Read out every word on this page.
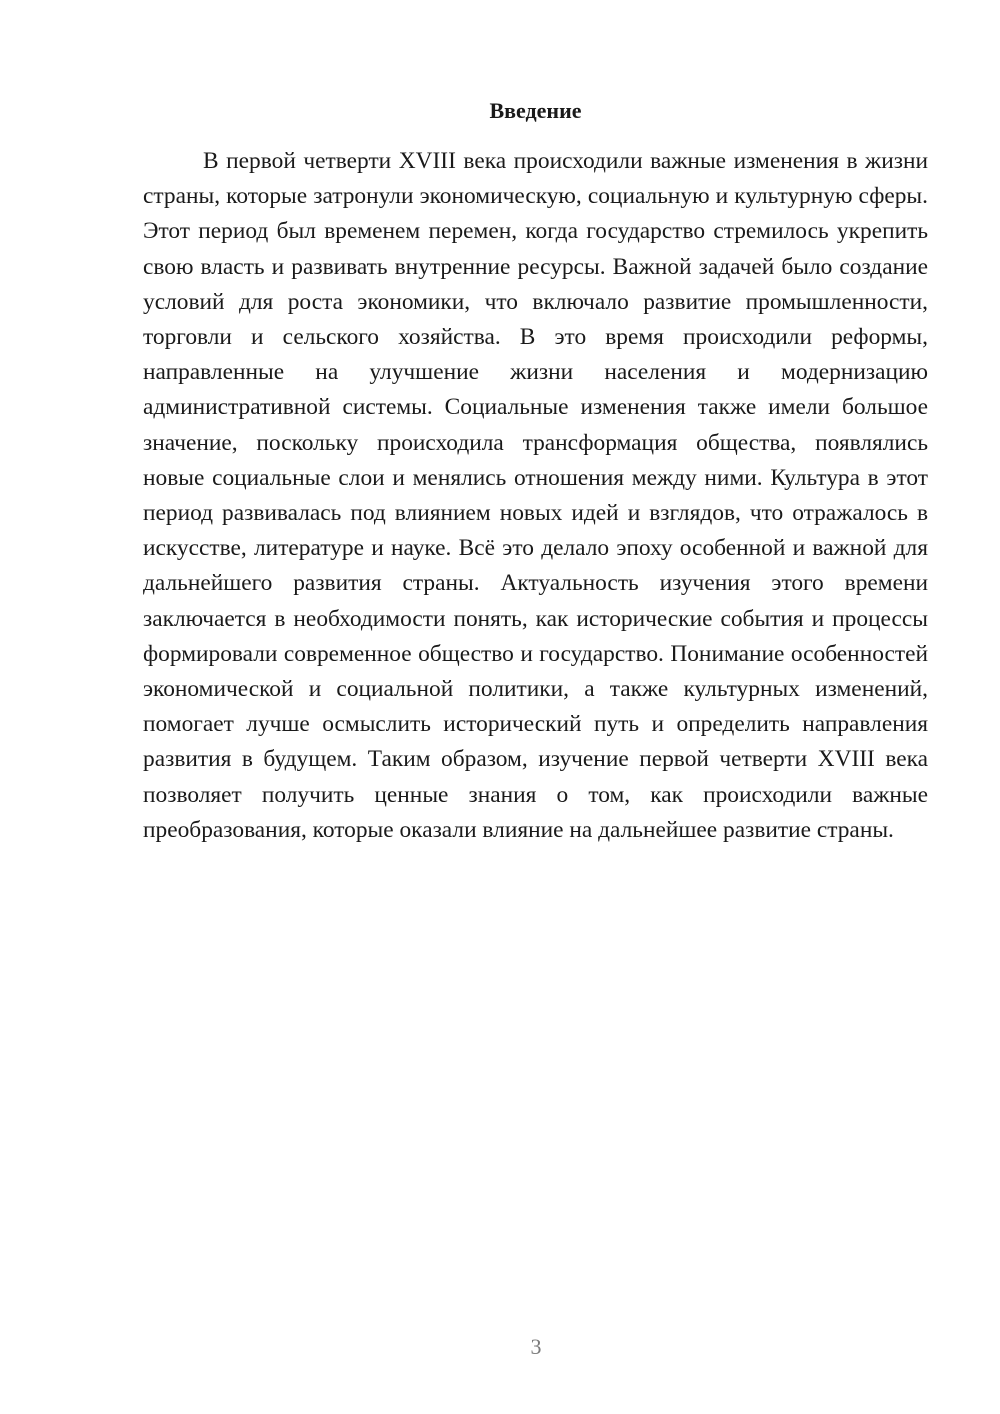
Введение

В первой четверти XVIII века происходили важные изменения в жизни страны, которые затронули экономическую, социальную и культурную сферы. Этот период был временем перемен, когда государство стремилось укрепить свою власть и развивать внутренние ресурсы. Важной задачей было создание условий для роста экономики, что включало развитие промышленности, торговли и сельского хозяйства. В это время происходили реформы, направленные на улучшение жизни населения и модернизацию административной системы. Социальные изменения также имели большое значение, поскольку происходила трансформация общества, появлялись новые социальные слои и менялись отношения между ними. Культура в этот период развивалась под влиянием новых идей и взглядов, что отражалось в искусстве, литературе и науке. Всё это делало эпоху особенной и важной для дальнейшего развития страны. Актуальность изучения этого времени заключается в необходимости понять, как исторические события и процессы формировали современное общество и государство. Понимание особенностей экономической и социальной политики, а также культурных изменений, помогает лучше осмыслить исторический путь и определить направления развития в будущем. Таким образом, изучение первой четверти XVIII века позволяет получить ценные знания о том, как происходили важные преобразования, которые оказали влияние на дальнейшее развитие страны.

3
